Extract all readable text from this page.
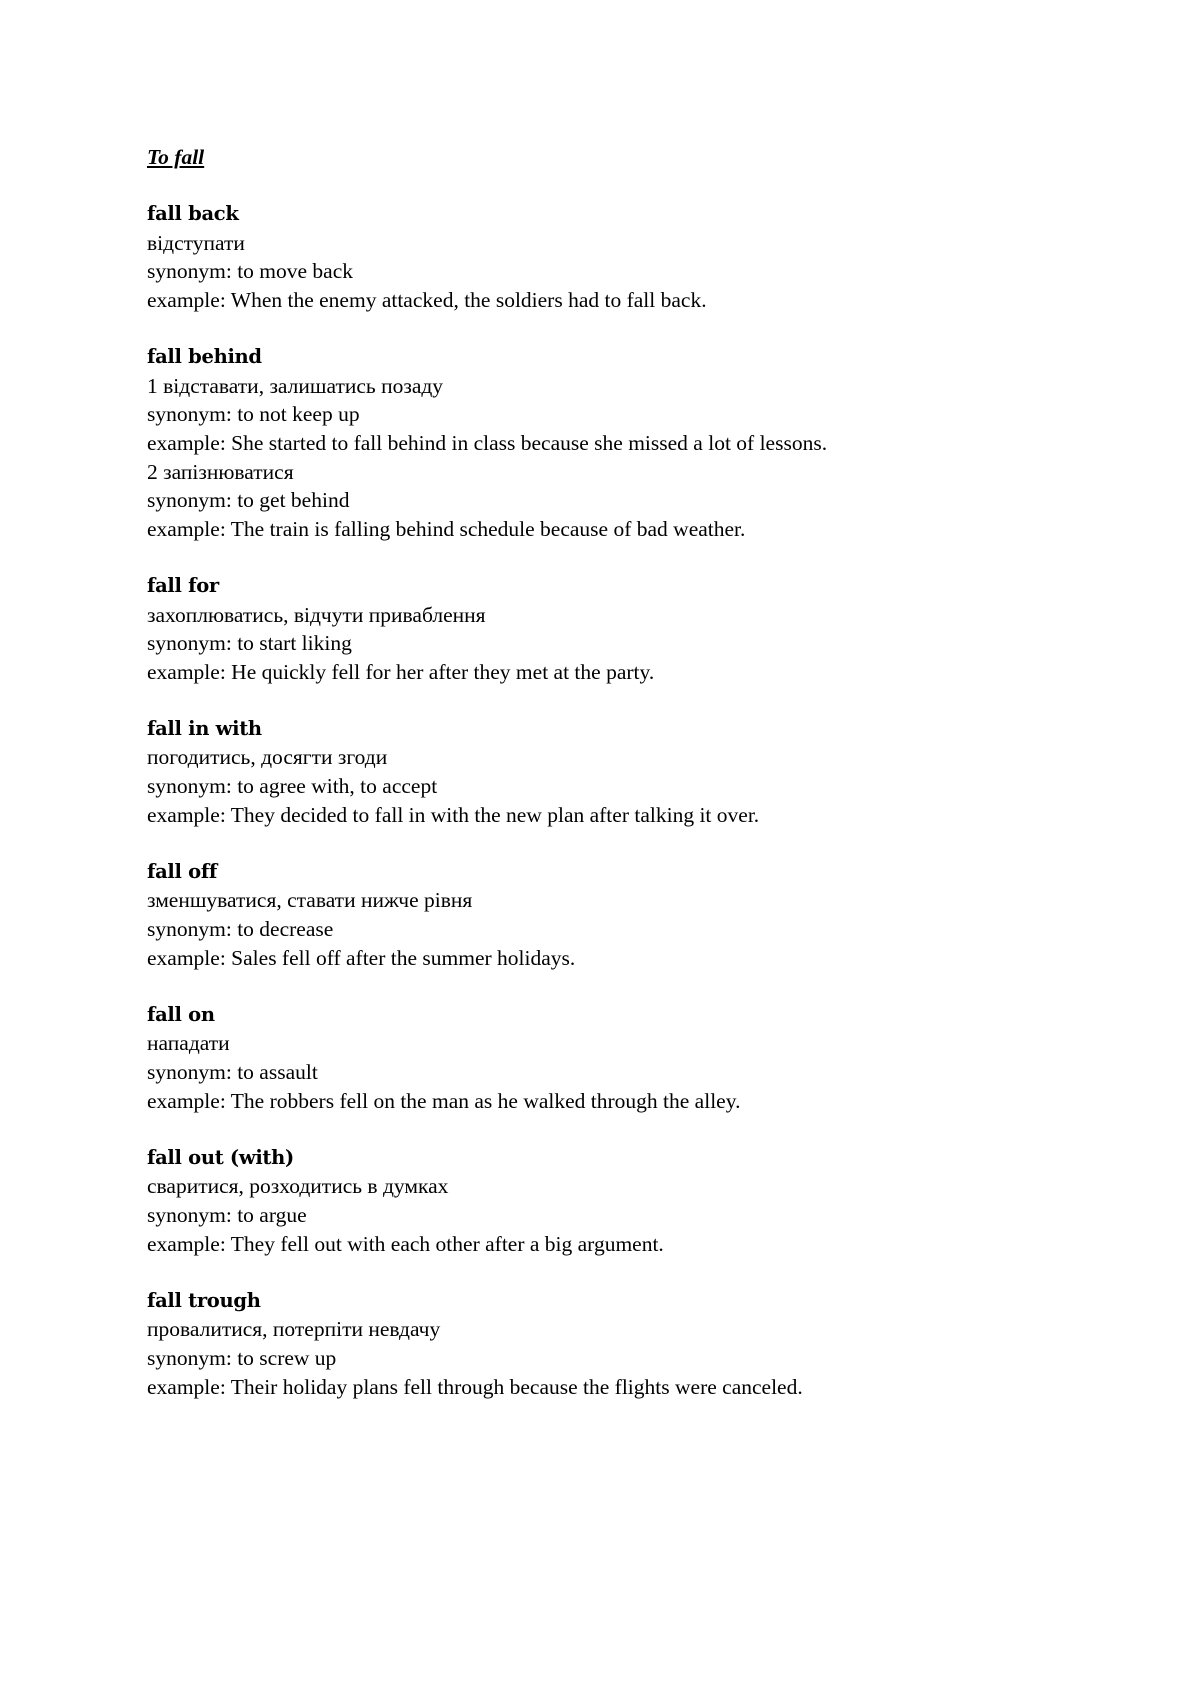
To fall

fall back

відступати

synonym: to move back

example: When the enemy attacked, the soldiers had to fall back.

fall behind

1 відставати, залишатись позаду

synonym: to not keep up

example: She started to fall behind in class because she missed a lot of lessons.

2 запізнюватися

synonym: to get behind

example: The train is falling behind schedule because of bad weather.

fall for

захоплюватись, відчути приваблення

synonym: to start liking

example: He quickly fell for her after they met at the party.

fall in with

погодитись, досягти згоди

synonym: to agree with, to accept

example: They decided to fall in with the new plan after talking it over.

fall off

зменшуватися, ставати нижче рівня

synonym: to decrease

example: Sales fell off after the summer holidays.

fall on

нападати

synonym: to assault

example: The robbers fell on the man as he walked through the alley.

fall out (with)

сваритися, розходитись в думках

synonym: to argue

example: They fell out with each other after a big argument.

fall trough

провалитися, потерпіти невдачу

synonym: to screw up

example: Their holiday plans fell through because the flights were canceled.
